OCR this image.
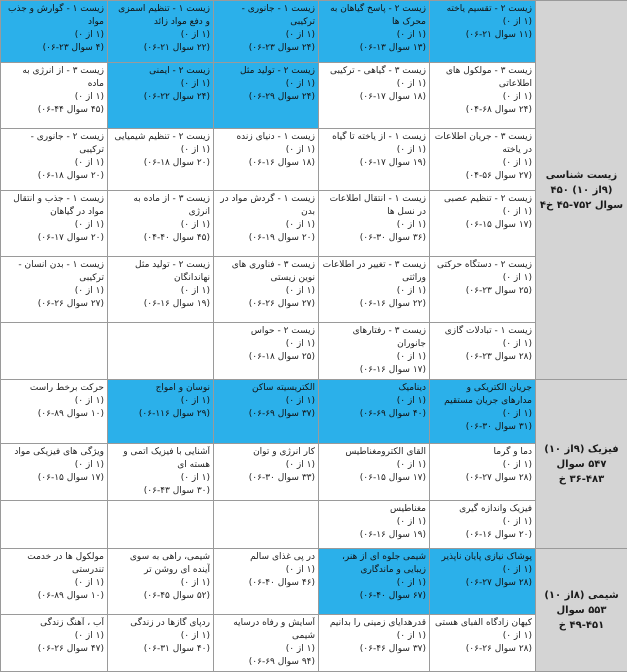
زیست شناسی (۹از ۱۰) ۴۵۰ سوال ۷۵۲-۴۵ خ۴	زیست ۲ - تقسیم یاخته
(۱ از ۰)
(۱۱ سوال ۲۱-۰۶)	زیست ۲ - پاسخ گیاهان به محرک ها
(۱ از ۰)
(۱۳ سوال ۱۳-۰۶)	زیست ۱ - جانوری - ترکیبی
(۱ از ۰)
(۲۴ سوال ۲۳-۰۶)	زیست ۱ - تنظیم اسمزی و دفع مواد زائد
(۱ از ۰)
(۲۲ سوال ۲۱-۰۶)	زیست ۱ - گوارش و جذب مواد
(۱ از ۰)
(۴ سوال ۲۳-۰۶)

	زیست ۳ - مولکول های اطلاعاتی
(۱ از ۰)
(۲۴ سوال ۶۸-۰۴)	زیست ۳ - گیاهی - ترکیبی
(۱ از ۰)
(۱۸ سوال ۱۷-۰۶)	زیست ۲ - تولید مثل
(۱ از ۰)
(۲۴ سوال ۲۹-۰۶)	زیست ۲ - ایمنی
(۱ از ۰)
(۲۴ سوال ۲۲-۰۶)	زیست ۳ - از انرژی به ماده
(۱ از ۰)
(۴۵ سوال ۴۴-۰۶)

	زیست ۳ - جریان اطلاعات در یاخته
(۱ از ۰)
(۲۷ سوال ۵۶-۰۴)	زیست ۱ - از یاخته تا گیاه
(۱ از ۰)
(۱۹ سوال ۱۷-۰۶)	زیست ۱ - دنیای زنده
(۱ از ۰)
(۱۸ سوال ۱۶-۰۶)	زیست ۲ - تنظیم شیمیایی
(۱ از ۰)
(۲۰ سوال ۱۸-۰۶)	زیست ۲ - جانوری - ترکیبی
(۱ از ۰)
(۲۰ سوال ۱۸-۰۶)

	زیست ۲ - تنظیم عصبی
(۱ از ۰)
(۱۷ سوال ۱۵-۰۶)	زیست ۱ - انتقال اطلاعات در نسل ها
(۱ از ۰)
(۳۶ سوال ۳۰-۰۶)	زیست ۱ - گردش مواد در بدن
(۱ از ۰)
(۲۰ سوال ۱۹-۰۶)	زیست ۳ - از ماده به انرژی
(۱ از ۰)
(۴۵ سوال ۴۰-۰۴)	زیست ۱ - جذب و انتقال مواد در گیاهان
(۱ از ۰)
(۲۰ سوال ۱۷-۰۶)

	زیست ۲ - دستگاه حرکتی
(۱ از ۰)
(۲۵ سوال ۲۳-۰۶)	زیست ۳ - تغییر در اطلاعات وراثتی
(۱ از ۰)
(۲۲ سوال ۱۶-۰۶)	زیست ۳ - فناوری های نوین زیستی
(۱ از ۰)
(۲۷ سوال ۲۶-۰۶)	زیست ۲ - تولید مثل نهاندانگان
(۱ از ۰)
(۱۹ سوال ۱۶-۰۶)	زیست ۱ - بدن انسان - ترکیبی
(۱ از ۰)
(۲۷ سوال ۲۶-۰۶)

	زیست ۱ - تبادلات گازی
(۱ از ۰)
(۲۸ سوال ۲۳-۰۶)	زیست ۳ - رفتارهای جانوران
(۱ از ۰)
(۱۷ سوال ۱۶-۰۶)	زیست ۲ - حواس
(۱ از ۰)
(۲۵ سوال ۱۸-۰۶)		

فیزیک (۹از ۱۰) ۵۴۷ سوال ۴۸۳-۳۶ خ	جریان الکتریکی و مدارهای جریان مستقیم
(۱ از ۰)
(۳۱ سوال ۳۰-۰۶)	دینامیک
(۱ از ۰)
(۴۰ سوال ۶۹-۰۶)	الکتریسیته ساکن
(۱ از ۰)
(۳۷ سوال ۶۹-۰۶)	نوسان و امواج
(۱ از ۰)
(۲۹ سوال ۱۱۶-۰۶)	حرکت برخط راست
(۱ از ۰)
(۱۰ سوال ۸۹-۰۶)

	دما و گرما
(۱ از ۰)
(۲۸ سوال ۲۷-۰۶)	القای الکترومغناطیس
(۱ از ۰)
(۱۷ سوال ۱۵-۰۶)	کار انرژی و توان
(۱ از ۰)
(۳۳ سوال ۳۰-۰۶)	آشنایی با فیزیک اتمی و هسته ای
(۱ از ۰)
(۳۰ سوال ۴۳-۰۶)	ویژگی های فیزیکی مواد
(۱ از ۰)
(۱۷ سوال ۱۵-۰۶)

	فیزیک واندازه گیری
(۱ از ۰)
(۲۰ سوال ۱۶-۰۶)	مغناطیس
(۱ از ۰)
(۱۹ سوال ۱۶-۰۶)			

شیمی (۸از ۱۰) ۵۵۳ سوال ۴۵۱-۴۹ خ	پوشاک نیازی پایان ناپذیر
(۱ از ۰)
(۲۸ سوال ۲۷-۰۶)	شیمی جلوه ای از هنر، زیبایی و ماندگاری
(۱ از ۰)
(۶۷ سوال ۴۰-۰۶)	در پی غذای سالم
(۱ از ۰)
(۴۶ سوال ۴۰-۰۶)	شیمی، راهی به سوی آینده ای روشن تر
(۱ از ۰)
(۵۲ سوال ۴۵-۰۶)	مولکول ها در خدمت تندرستی
(۱ از ۰)
(۱۰ سوال ۸۹-۰۶)

	کیهان زادگاه الفبای هستی
(۱ از ۰)
(۲۸ سوال ۲۶-۰۶)	قدرهدایای زمینی را بدانیم
(۱ از ۰)
(۳۷ سوال ۴۶-۰۶)	آسایش و رفاه درسایه شیمی
(۱ از ۰)
(۹۴ سوال ۶۹-۰۶)	ردپای گازها در زندگی
(۱ از ۰)
(۴۰ سوال ۳۱-۰۶)	آب ، آهنگ زندگی
(۱ از ۰)
(۴۷ سوال ۲۶-۰۶)
